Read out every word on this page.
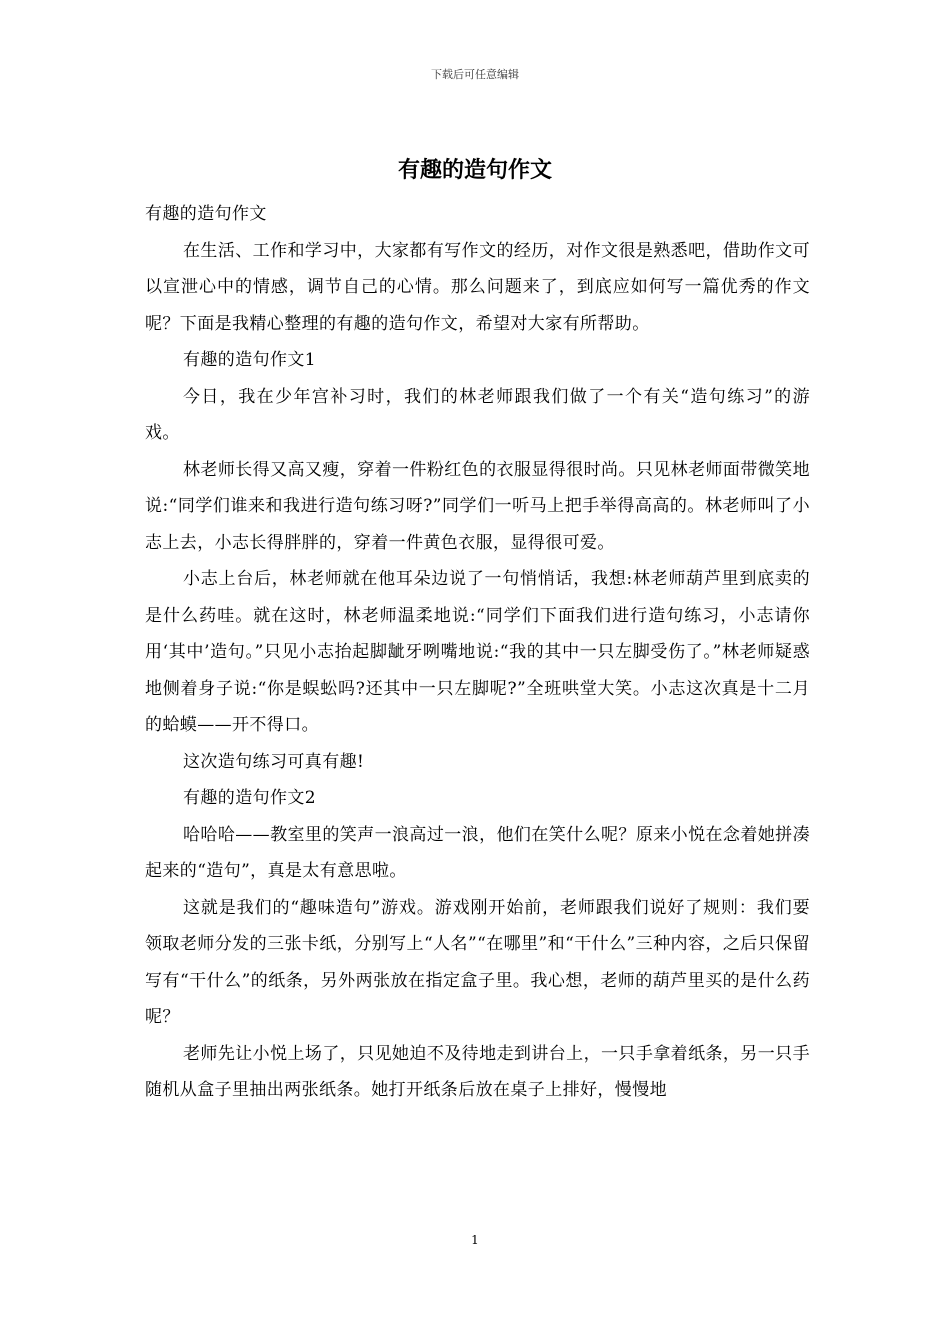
下载后可任意编辑
有趣的造句作文

有趣的造句作文

在生活、工作和学习中，大家都有写作文的经历，对作文很是熟悉吧，借助作文可以宣泄心中的情感，调节自己的心情。那么问题来了，到底应如何写一篇优秀的作文呢？下面是我精心整理的有趣的造句作文，希望对大家有所帮助。

有趣的造句作文1

今日，我在少年宫补习时，我们的林老师跟我们做了一个有关“造句练习”的游戏。

林老师长得又高又瘦，穿着一件粉红色的衣服显得很时尚。只见林老师面带微笑地说:“同学们谁来和我进行造句练习呀?”同学们一听马上把手举得高高的。林老师叫了小志上去，小志长得胖胖的，穿着一件黄色衣服，显得很可爱。

小志上台后，林老师就在他耳朵边说了一句悄悄话，我想:林老师葫芦里到底卖的是什么药哇。就在这时，林老师温柔地说:“同学们下面我们进行造句练习，小志请你用‘其中’造句。”只见小志抬起脚龇牙咧嘴地说:“我的其中一只左脚受伤了。”林老师疑惑地侧着身子说:“你是蜈蚣吗?还其中一只左脚呢?”全班哄堂大笑。小志这次真是十二月的蛤蟆——开不得口。

这次造句练习可真有趣!

有趣的造句作文2

哈哈哈——教室里的笑声一浪高过一浪，他们在笑什么呢？原来小悦在念着她拼凑起来的“造句”，真是太有意思啦。

这就是我们的“趣味造句”游戏。游戏刚开始前，老师跟我们说好了规则：我们要领取老师分发的三张卡纸，分别写上“人名”“在哪里”和“干什么”三种内容，之后只保留写有“干什么”的纸条，另外两张放在指定盒子里。我心想，老师的葫芦里买的是什么药呢？

老师先让小悦上场了，只见她迫不及待地走到讲台上，一只手拿着纸条，另一只手随机从盒子里抽出两张纸条。她打开纸条后放在桌子上排好，慢慢地

1
